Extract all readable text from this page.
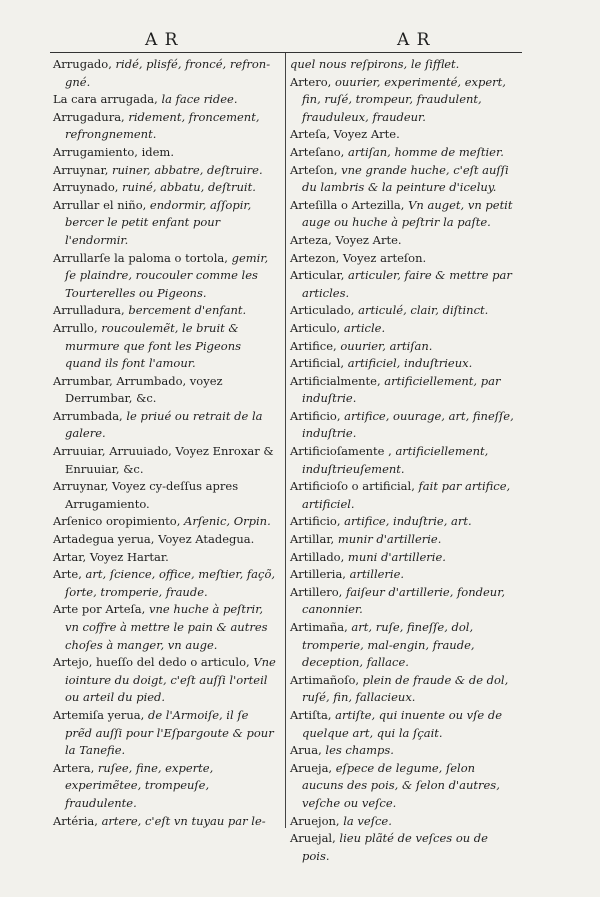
A R	A R
Arrugado, ridé, plisfé, froncé, refron-gné.
La cara arrugada, la face ridee.
Arrugadura, ridement, froncement, refrongnement.
Arrugamiento, idem.
Arruynar, ruiner, abbatre, deſtruire.
Arruynado, ruiné, abbatu, deſtruit.
Arrullar el niño, endormir, aſſopir, bercer le petit enfant pour l'endormir.
Arrullarſe la paloma o tortola, gemir, ſe plaindre, roucouler comme les Tourterelles ou Pigeons.
Arrulladura, bercement d'enfant.
Arrullo, roucoulemẽt, le bruit & murmure que font les Pigeons quand ils font l'amour.
Arrumbar, Arrumbado, voyez Derrumbar, &c.
Arrumbada, le priué ou retrait de la galere.
Arruuiar, Arruuiado, Voyez Enroxar & Enruuiar, &c.
Arruynar, Voyez cy-deſſus apres Arrugamiento.
Arſenico oropimiento, Arſenic, Orpin.
Artadegua yerua, Voyez Atadegua.
Artar, Voyez Hartar.
Arte, art, ſcience, office, meſtier, façõ, ſorte, tromperie, fraude.
Arte por Arteſa, vne huche à peſtrir, vn coffre à mettre le pain & autres choſes à manger, vn auge.
Artejo, hueſſo del dedo o articulo, Vne iointure du doigt, c'eſt auſſi l'orteil ou arteil du pied.
Artemiſa yerua, de l'Armoiſe, il ſe prẽd auſſi pour l'Eſpargoute & pour la Tanefie.
Artera, ruſee, fine, experte, experimẽtee, trompeuſe, fraudulente.
Artéria, artere, c'eſt vn tuyau par le-
quel nous reſpirons, le ſifflet.
Artero, ouurier, experimenté, expert, fin, ruſé, trompeur, fraudulent, frauduleux, fraudeur.
Arteſa, Voyez Arte.
Arteſano, artiſan, homme de meſtier.
Arteſon, vne grande huche, c'eſt auſſi du lambris & la peinture d'iceluy.
Arteſilla o Artezilla, Vn auget, vn petit auge ou huche à peſtrir la paſte.
Arteza, Voyez Arte.
Artezon, Voyez arteſon.
Articular, articuler, faire & mettre par articles.
Articulado, articulé, clair, diſtinct.
Articulo, article.
Artifice, ouurier, artiſan.
Artificial, artificiel, induſtrieux.
Artificialmente, artificiellement, par induſtrie.
Artificio, artifice, ouurage, art, fineſſe, induſtrie.
Artificioſamente , artificiellement, induſtrieuſement.
Artificioſo o artificial, fait par artifice, artificiel.
Artificio, artifice, induſtrie, art.
Artillar, munir d'artillerie.
Artillado, muni d'artillerie.
Artilleria, artillerie.
Artillero, faiſeur d'artillerie, fondeur, canonnier.
Artimaña, art, ruſe, fineſſe, dol, tromperie, mal-engin, fraude, deception, fallace.
Artimañoſo, plein de fraude & de dol, ruſé, fin, fallacieux.
Artiſta, artiſte, qui inuente ou vſe de quelque art, qui la ſçait.
Arua, les champs.
Arueja, eſpece de legume, ſelon aucuns des pois, & ſelon d'autres, veſche ou veſce.
Aruejon, la veſce.
Aruejal, lieu plãté de veſces ou de pois.
